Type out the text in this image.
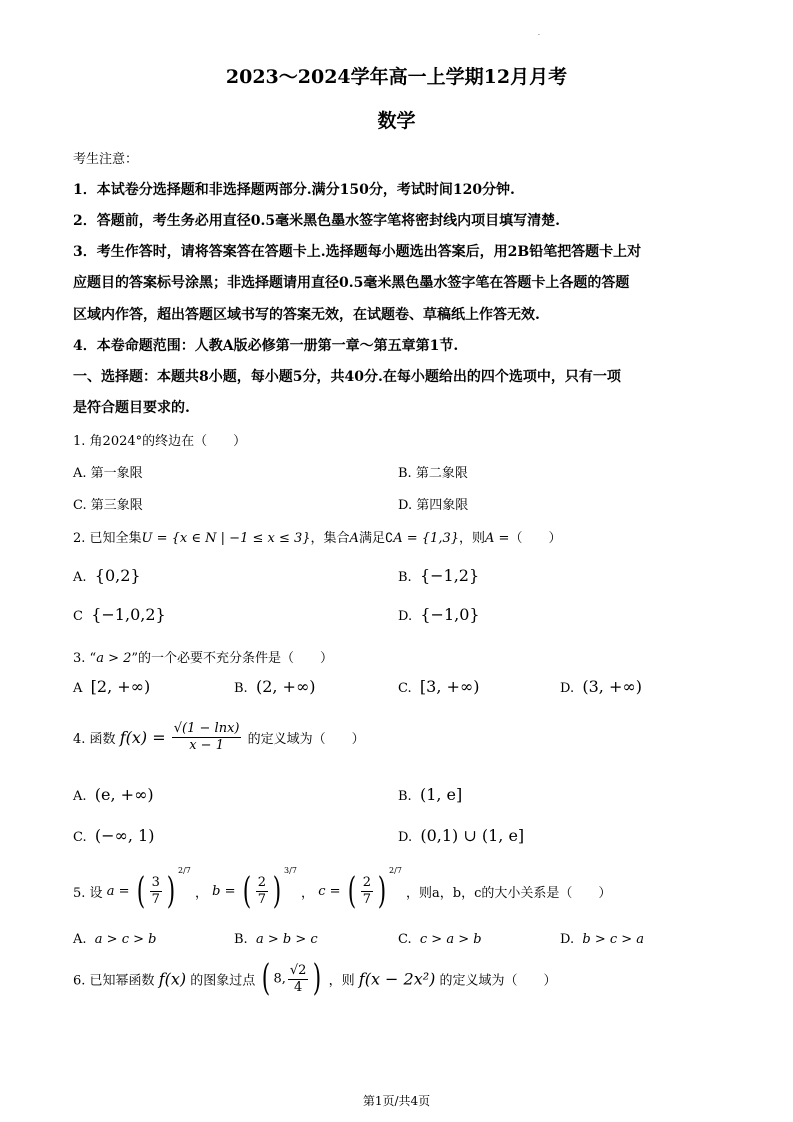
·
2023～2024学年高一上学期12月月考
数学
考生注意：
1．本试卷分选择题和非选择题两部分.满分150分，考试时间120分钟.
2．答题前，考生务必用直径0.5毫米黑色墨水签字笔将密封线内项目填写清楚.
3．考生作答时，请将答案答在答题卡上.选择题每小题选出答案后，用2B铅笔把答题卡上对
应题目的答案标号涂黑；非选择题请用直径0.5毫米黑色墨水签字笔在答题卡上各题的答题
区域内作答，超出答题区域书写的答案无效，在试题卷、草稿纸上作答无效.
4．本卷命题范围：人教A版必修第一册第一章～第五章第1节.
一、选择题：本题共8小题，每小题5分，共40分.在每小题给出的四个选项中，只有一项
是符合题目要求的.
1. 角2024°的终边在（　　）
A. 第一象限	B. 第二象限
C. 第三象限	D. 第四象限
2. 已知全集U = {x ∈ N | −1 ≤ x ≤ 3}，集合A满足∁A = {1,3}，则A =（　　）
A. {0,2}	B. {−1,2}
C {−1,0,2}	D. {−1,0}
3. “a > 2”的一个必要不充分条件是（　　）
A [2, +∞)	B. (2, +∞)	C. [3, +∞)	D. (3, +∞)
4. 函数 $f(x) = \frac{√(1 - \ln x)}{x - 1}$ 的定义域为（　　）
A. (e, +∞)	B. (1, e]
C. (−∞, 1)	D. (0,1) ∪ (1, e]
5. 设 a = ( $\frac{3}{7}$ ) $^{2/7}$ ， b = ( $\frac{2}{7}$ ) $^{3/7}$ ， c = ( $\frac{2}{7}$ ) $^{2/7}$ ，则a，b，c的大小关系是（　　）
A. a > c > b	B. a > b > c	C. c > a > b	D. b > c > a
6. 已知幂函数 f(x) 的图象过点 ( 8, $\frac{√2}{4}$ ) ，则 f(x − 2x²) 的定义域为（　　）
第1页/共4页
